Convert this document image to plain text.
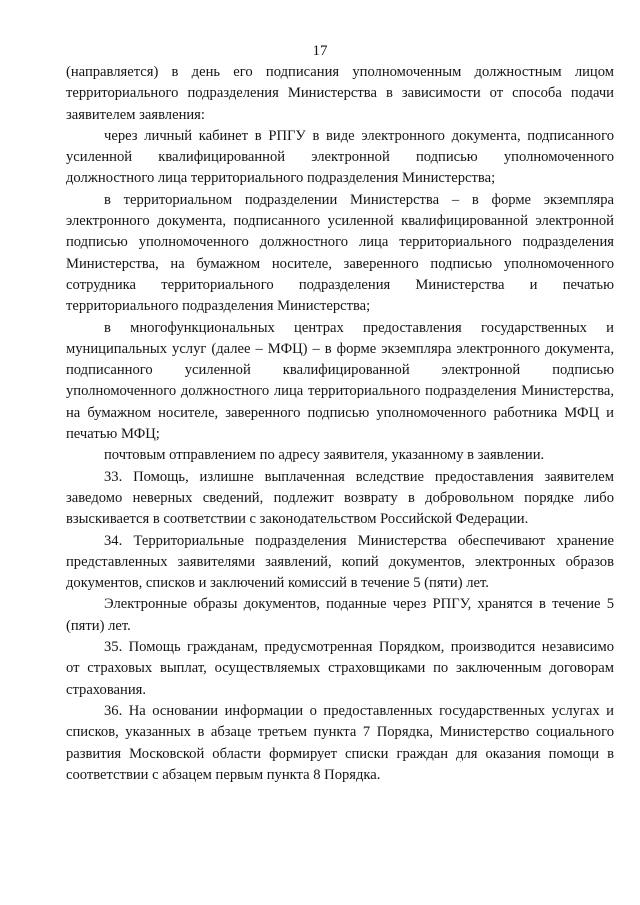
17

(направляется) в день его подписания уполномоченным должностным лицом территориального подразделения Министерства в зависимости от способа подачи заявителем заявления:

через личный кабинет в РПГУ в виде электронного документа, подписанного усиленной квалифицированной электронной подписью уполномоченного должностного лица территориального подразделения Министерства;

в территориальном подразделении Министерства – в форме экземпляра электронного документа, подписанного усиленной квалифицированной электронной подписью уполномоченного должностного лица территориального подразделения Министерства, на бумажном носителе, заверенного подписью уполномоченного сотрудника территориального подразделения Министерства и печатью территориального подразделения Министерства;

в многофункциональных центрах предоставления государственных и муниципальных услуг (далее – МФЦ) – в форме экземпляра электронного документа, подписанного усиленной квалифицированной электронной подписью уполномоченного должностного лица территориального подразделения Министерства, на бумажном носителе, заверенного подписью уполномоченного работника МФЦ и печатью МФЦ;

почтовым отправлением по адресу заявителя, указанному в заявлении.

33. Помощь, излишне выплаченная вследствие предоставления заявителем заведомо неверных сведений, подлежит возврату в добровольном порядке либо взыскивается в соответствии с законодательством Российской Федерации.

34. Территориальные подразделения Министерства обеспечивают хранение представленных заявителями заявлений, копий документов, электронных образов документов, списков и заключений комиссий в течение 5 (пяти) лет.

Электронные образы документов, поданные через РПГУ, хранятся в течение 5 (пяти) лет.

35. Помощь гражданам, предусмотренная Порядком, производится независимо от страховых выплат, осуществляемых страховщиками по заключенным договорам страхования.

36. На основании информации о предоставленных государственных услугах и списков, указанных в абзаце третьем пункта 7 Порядка, Министерство социального развития Московской области формирует списки граждан для оказания помощи в соответствии с абзацем первым пункта 8 Порядка.
